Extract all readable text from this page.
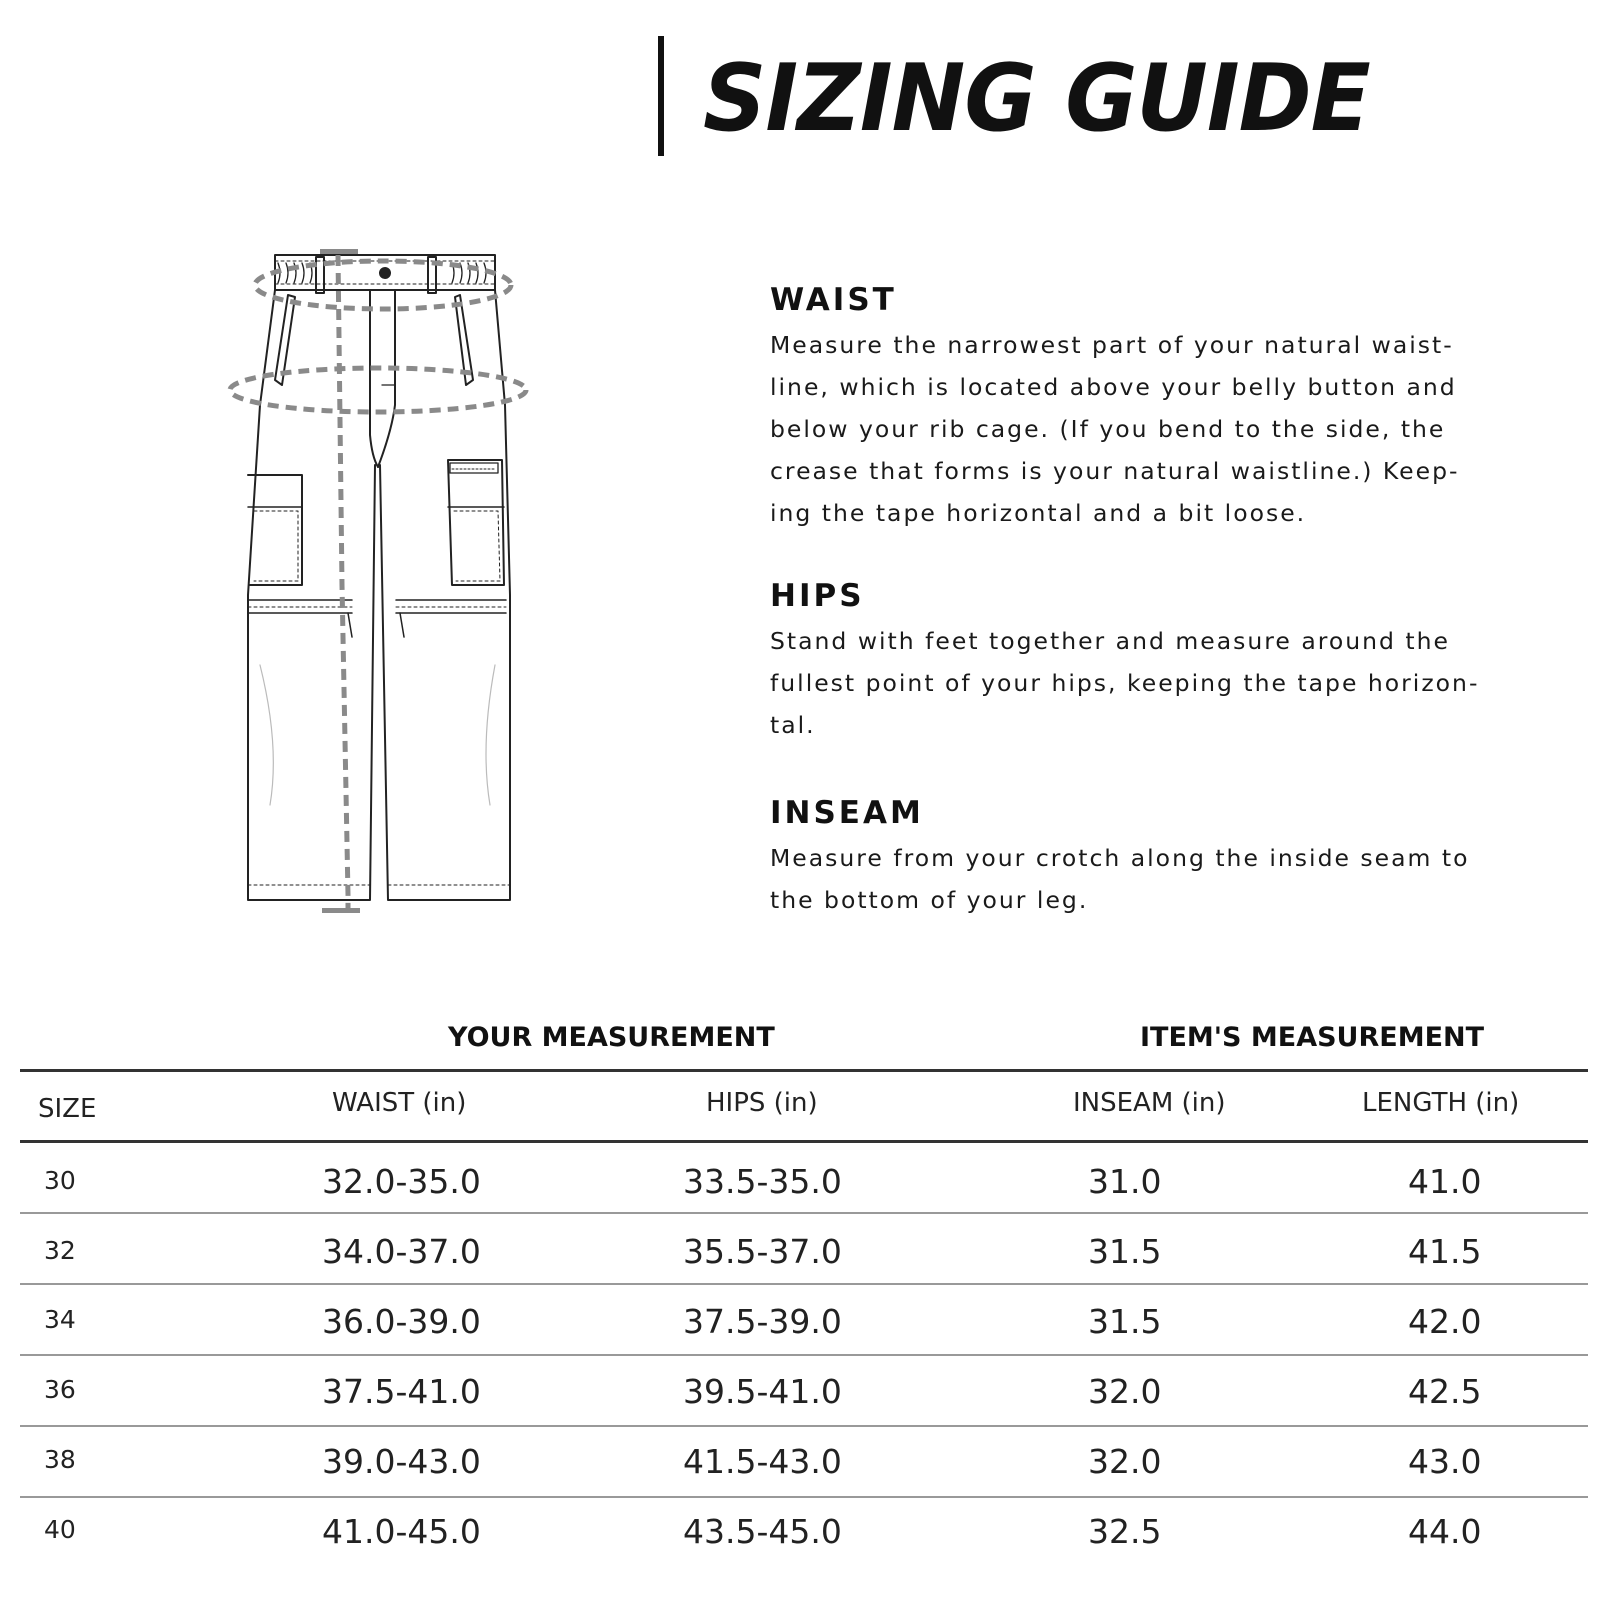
SIZING GUIDE
WAIST

Measure the narrowest part of your natural waist-
line, which is located above your belly button and
below your rib cage. (If you bend to the side, the
crease that forms is your natural waistline.) Keep-
ing the tape horizontal and a bit loose.

HIPS

Stand with feet together and measure around the
fullest point of your hips, keeping the tape horizon-
tal.

INSEAM

Measure from your crotch along the inside seam to
the bottom of your leg.

YOUR MEASUREMENT	ITEM'S MEASUREMENT
SIZE	WAIST (in)	HIPS (in)	INSEAM (in)	LENGTH (in)
30	32.0-35.0	33.5-35.0	31.0	41.0
32	34.0-37.0	35.5-37.0	31.5	41.5
34	36.0-39.0	37.5-39.0	31.5	42.0
36	37.5-41.0	39.5-41.0	32.0	42.5
38	39.0-43.0	41.5-43.0	32.0	43.0
40	41.0-45.0	43.5-45.0	32.5	44.0
